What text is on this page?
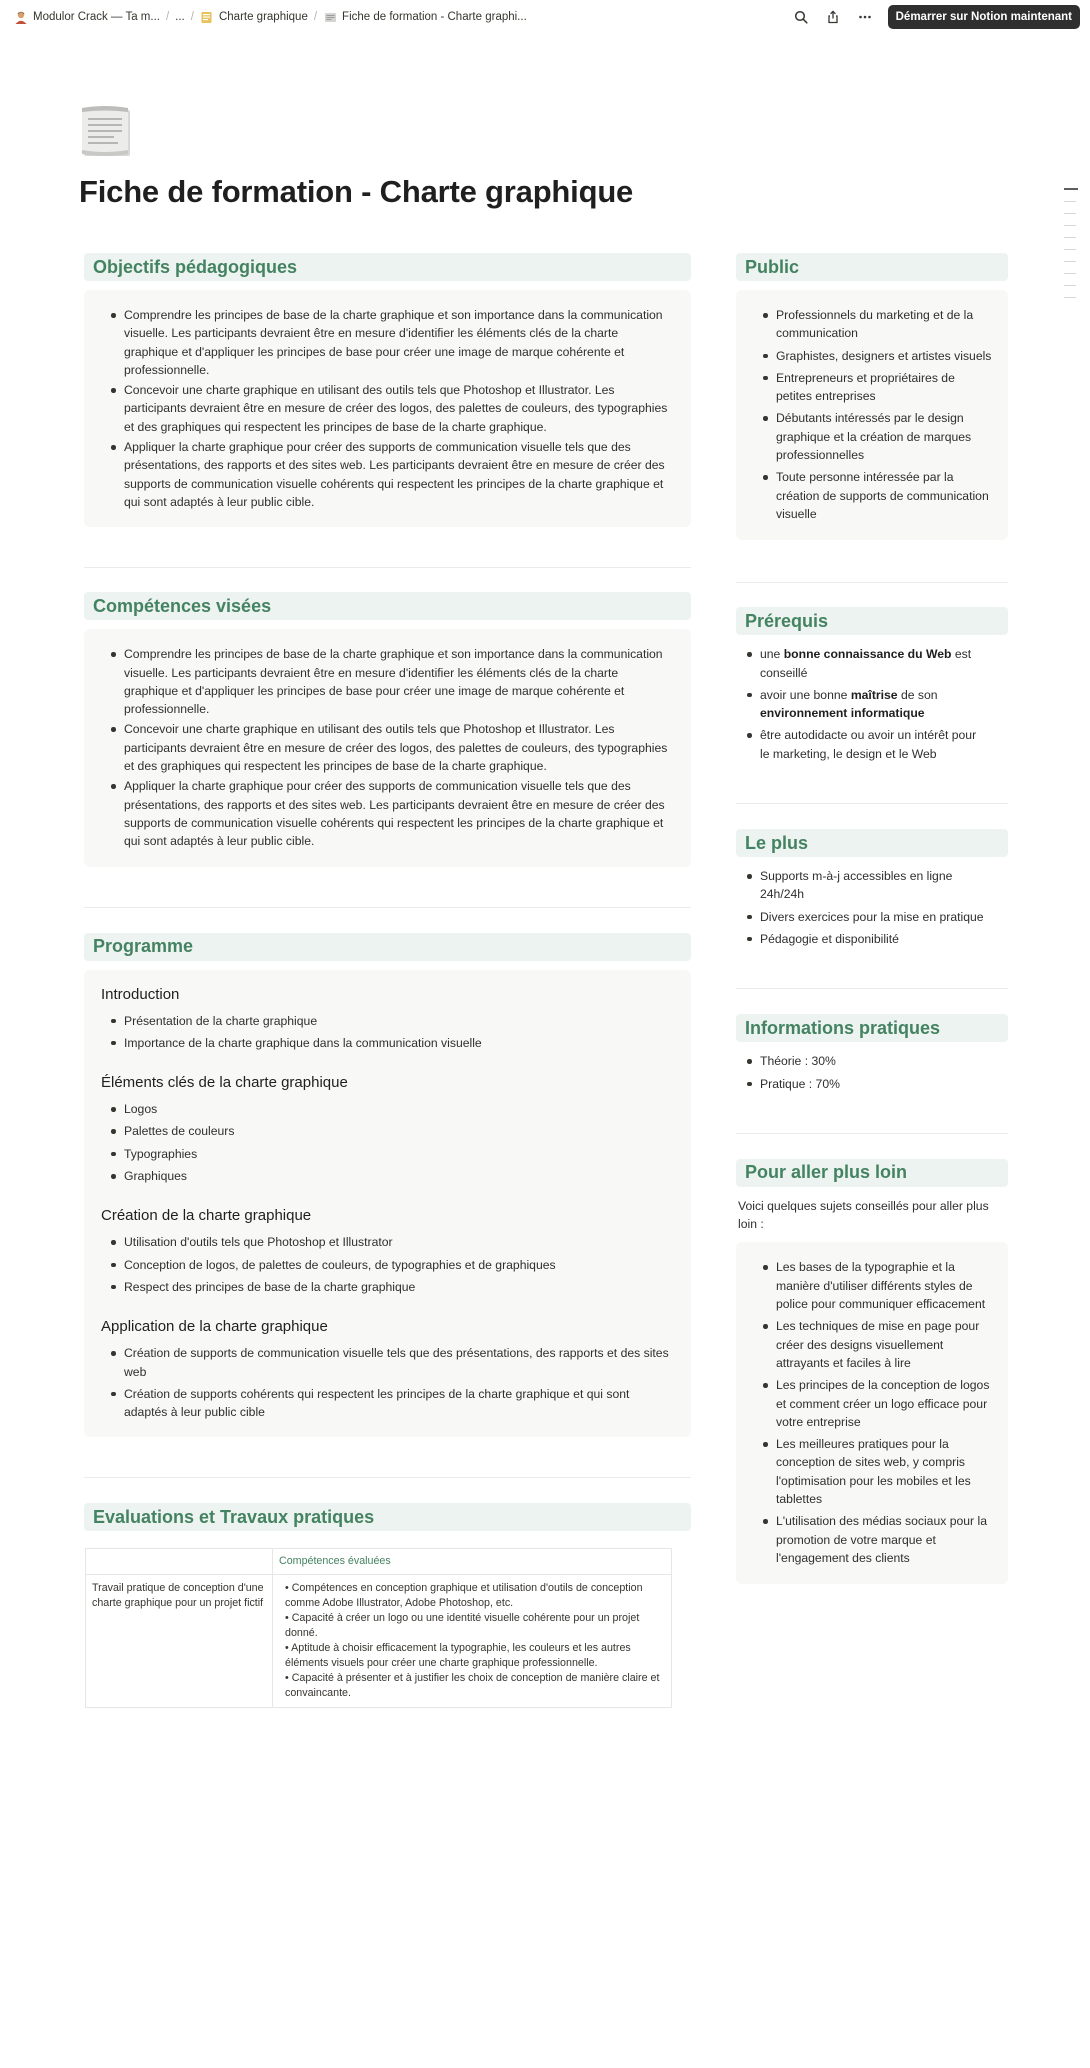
Modulor Crack — Ta m... / ... / Charte graphique / Fiche de formation - Charte graphi...	Démarrer sur Notion maintenant
Fiche de formation - Charte graphique
Objectifs pédagogiques
Comprendre les principes de base de la charte graphique et son importance dans la communication visuelle. Les participants devraient être en mesure d'identifier les éléments clés de la charte graphique et d'appliquer les principes de base pour créer une image de marque cohérente et professionnelle.
Concevoir une charte graphique en utilisant des outils tels que Photoshop et Illustrator. Les participants devraient être en mesure de créer des logos, des palettes de couleurs, des typographies et des graphiques qui respectent les principes de base de la charte graphique.
Appliquer la charte graphique pour créer des supports de communication visuelle tels que des présentations, des rapports et des sites web. Les participants devraient être en mesure de créer des supports de communication visuelle cohérents qui respectent les principes de la charte graphique et qui sont adaptés à leur public cible.
Compétences visées
Comprendre les principes de base de la charte graphique et son importance dans la communication visuelle. Les participants devraient être en mesure d'identifier les éléments clés de la charte graphique et d'appliquer les principes de base pour créer une image de marque cohérente et professionnelle.
Concevoir une charte graphique en utilisant des outils tels que Photoshop et Illustrator. Les participants devraient être en mesure de créer des logos, des palettes de couleurs, des typographies et des graphiques qui respectent les principes de base de la charte graphique.
Appliquer la charte graphique pour créer des supports de communication visuelle tels que des présentations, des rapports et des sites web. Les participants devraient être en mesure de créer des supports de communication visuelle cohérents qui respectent les principes de la charte graphique et qui sont adaptés à leur public cible.
Programme
Introduction
Présentation de la charte graphique
Importance de la charte graphique dans la communication visuelle
Éléments clés de la charte graphique
Logos
Palettes de couleurs
Typographies
Graphiques
Création de la charte graphique
Utilisation d'outils tels que Photoshop et Illustrator
Conception de logos, de palettes de couleurs, de typographies et de graphiques
Respect des principes de base de la charte graphique
Application de la charte graphique
Création de supports de communication visuelle tels que des présentations, des rapports et des sites web
Création de supports cohérents qui respectent les principes de la charte graphique et qui sont adaptés à leur public cible
Evaluations et Travaux pratiques
	Compétences évaluées
Travail pratique de conception d'une charte graphique pour un projet fictif	• Compétences en conception graphique et utilisation d'outils de conception comme Adobe Illustrator, Adobe Photoshop, etc.
• Capacité à créer un logo ou une identité visuelle cohérente pour un projet donné.
• Aptitude à choisir efficacement la typographie, les couleurs et les autres éléments visuels pour créer une charte graphique professionnelle.
• Capacité à présenter et à justifier les choix de conception de manière claire et convaincante.
Public
Professionnels du marketing et de la communication
Graphistes, designers et artistes visuels
Entrepreneurs et propriétaires de petites entreprises
Débutants intéressés par le design graphique et la création de marques professionnelles
Toute personne intéressée par la création de supports de communication visuelle
Prérequis
une bonne connaissance du Web est conseillé
avoir une bonne maîtrise de son environnement informatique
être autodidacte ou avoir un intérêt pour le marketing, le design et le Web
Le plus
Supports m-à-j accessibles en ligne 24h/24h
Divers exercices pour la mise en pratique
Pédagogie et disponibilité
Informations pratiques
Théorie : 30%
Pratique : 70%
Pour aller plus loin

Voici quelques sujets conseillés pour aller plus loin :

Les bases de la typographie et la manière d'utiliser différents styles de police pour communiquer efficacement
Les techniques de mise en page pour créer des designs visuellement attrayants et faciles à lire
Les principes de la conception de logos et comment créer un logo efficace pour votre entreprise
Les meilleures pratiques pour la conception de sites web, y compris l'optimisation pour les mobiles et les tablettes
L'utilisation des médias sociaux pour la promotion de votre marque et l'engagement des clients
